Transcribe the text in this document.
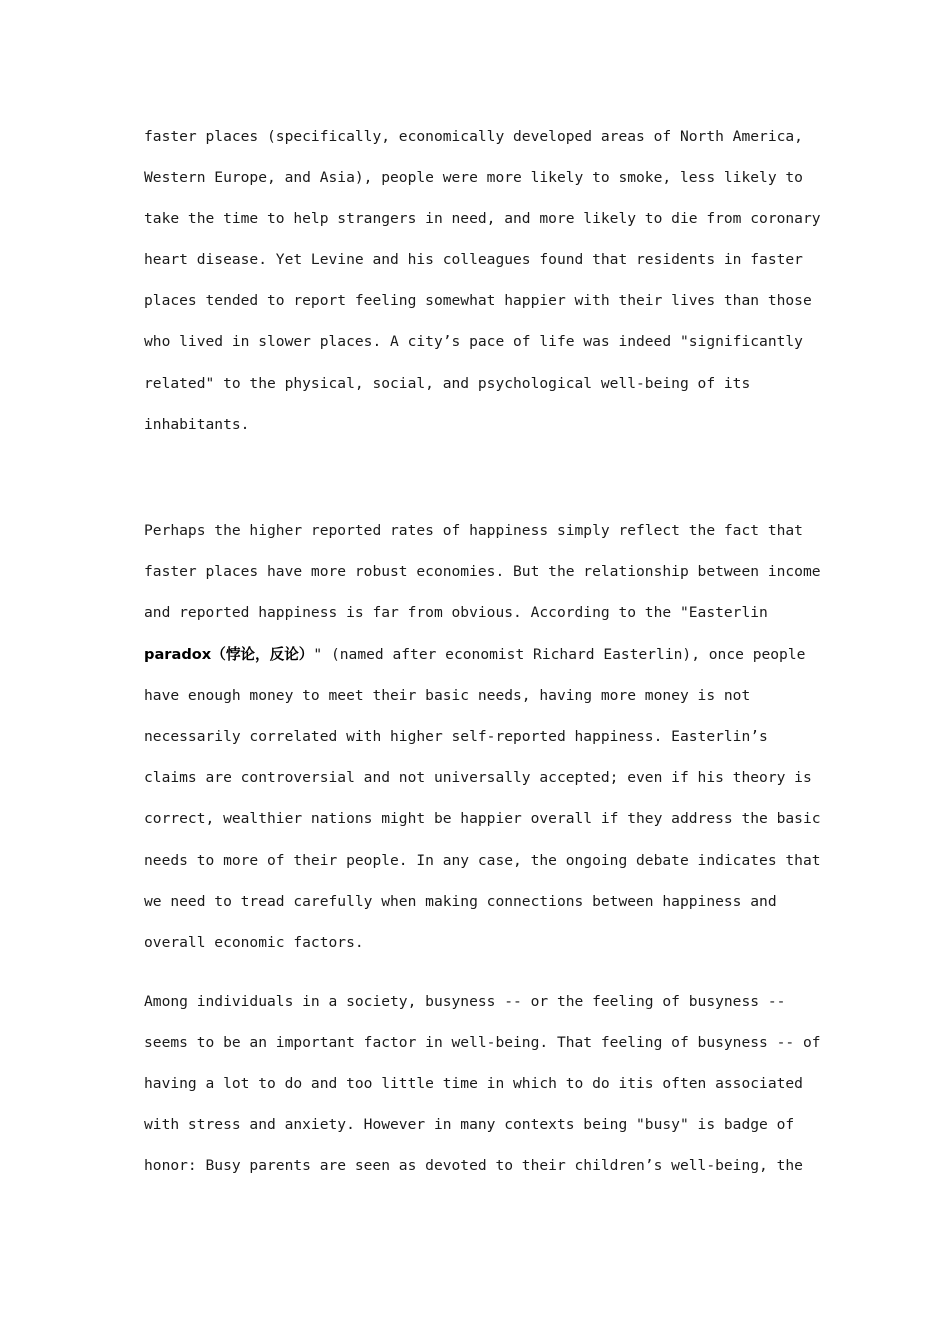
faster places (specifically, economically developed areas of North America,

Western Europe, and Asia), people were more likely to smoke, less likely to

take the time to help strangers in need, and more likely to die from coronary

heart disease. Yet Levine and his colleagues found that residents in faster

places tended to report feeling somewhat happier with their lives than those

who lived in slower places. A city’s pace of life was indeed "significantly

related" to the physical, social, and psychological well-being of its

inhabitants.

Perhaps the higher reported rates of happiness simply reflect the fact that

faster places have more robust economies. But the relationship between income

and reported happiness is far from obvious. According to the "Easterlin

paradox（悖论，反论）" (named after economist Richard Easterlin), once people

have enough money to meet their basic needs, having more money is not

necessarily correlated with higher self-reported happiness. Easterlin’s

claims are controversial and not universally accepted; even if his theory is

correct, wealthier nations might be happier overall if they address the basic

needs to more of their people. In any case, the ongoing debate indicates that

we need to tread carefully when making connections between happiness and

overall economic factors.

Among individuals in a society, busyness -- or the feeling of busyness --

seems to be an important factor in well-being. That feeling of busyness -- of

having a lot to do and too little time in which to do itis often associated

with stress and anxiety. However in many contexts being "busy" is badge of

honor: Busy parents are seen as devoted to their children’s well-being, the
